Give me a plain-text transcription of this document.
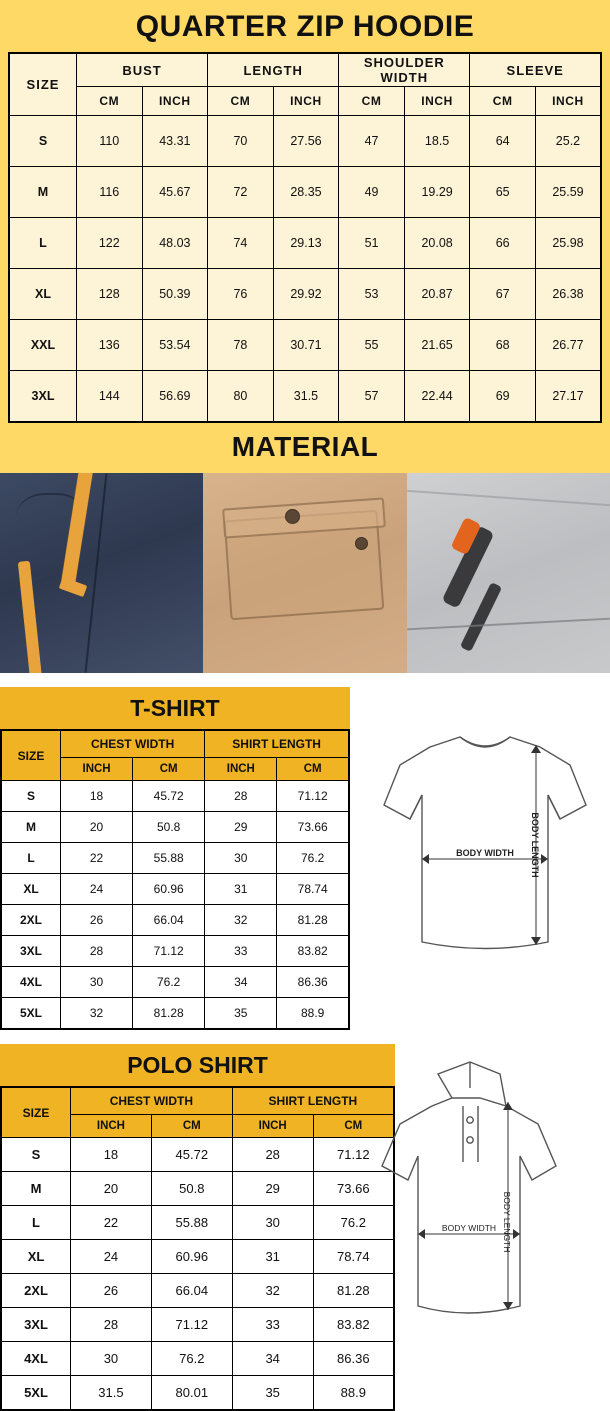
QUARTER ZIP HOODIE
SIZE	BUST		LENGTH		SHOULDER WIDTH		SLEEVE	
	CM	INCH	CM	INCH	CM	INCH	CM	INCH
S	110	43.31	70	27.56	47	18.5	64	25.2
M	116	45.67	72	28.35	49	19.29	65	25.59
L	122	48.03	74	29.13	51	20.08	66	25.98
XL	128	50.39	76	29.92	53	20.87	67	26.38
XXL	136	53.54	78	30.71	55	21.65	68	26.77
3XL	144	56.69	80	31.5	57	22.44	69	27.17
MATERIAL
T-SHIRT
SIZE	CHEST WIDTH		SHIRT LENGTH	
	INCH	CM	INCH	CM
S	18	45.72	28	71.12
M	20	50.8	29	73.66
L	22	55.88	30	76.2
XL	24	60.96	31	78.74
2XL	26	66.04	32	81.28
3XL	28	71.12	33	83.82
4XL	30	76.2	34	86.36
5XL	32	81.28	35	88.9
BODY WIDTH BODY LENGTH
POLO SHIRT
SIZE	CHEST WIDTH		SHIRT LENGTH	
	INCH	CM	INCH	CM
S	18	45.72	28	71.12
M	20	50.8	29	73.66
L	22	55.88	30	76.2
XL	24	60.96	31	78.74
2XL	26	66.04	32	81.28
3XL	28	71.12	33	83.82
4XL	30	76.2	34	86.36
5XL	31.5	80.01	35	88.9
BODY WIDTH BODY LENGTH
